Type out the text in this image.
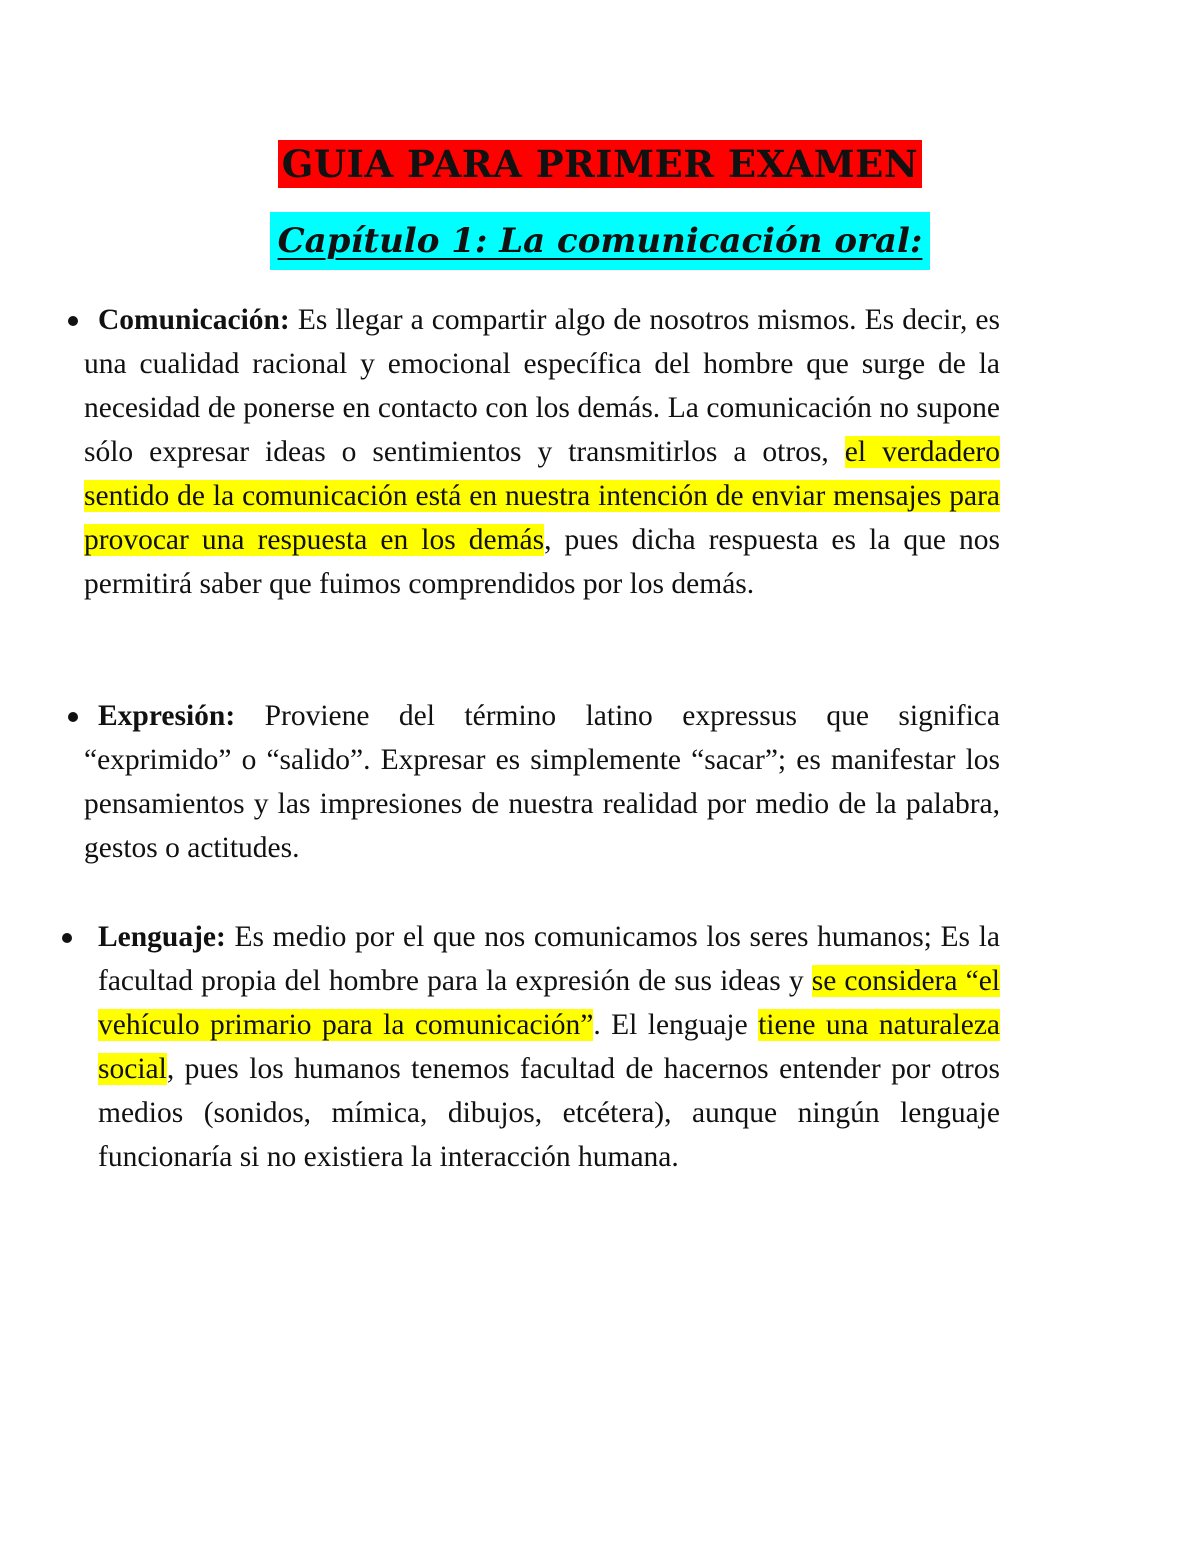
GUIA PARA PRIMER EXAMEN
Capítulo 1: La comunicación oral:

Comunicación: Es llegar a compartir algo de nosotros mismos. Es decir, es una cualidad racional y emocional específica del hombre que surge de la necesidad de ponerse en contacto con los demás. La comunicación no supone sólo expresar ideas o sentimientos y transmitirlos a otros, el verdadero sentido de la comunicación está en nuestra intención de enviar mensajes para provocar una respuesta en los demás, pues dicha respuesta es la que nos permitirá saber que fuimos comprendidos por los demás.

Expresión: Proviene del término latino expressus que significa “exprimido” o “salido”. Expresar es simplemente “sacar”; es manifestar los pensamientos y las impresiones de nuestra realidad por medio de la palabra, gestos o actitudes.

Lenguaje: Es medio por el que nos comunicamos los seres humanos; Es la facultad propia del hombre para la expresión de sus ideas y se considera “el vehículo primario para la comunicación”. El lenguaje tiene una naturaleza social, pues los humanos tenemos facultad de hacernos entender por otros medios (sonidos, mímica, dibujos, etcétera), aunque ningún lenguaje funcionaría si no existiera la interacción humana.
